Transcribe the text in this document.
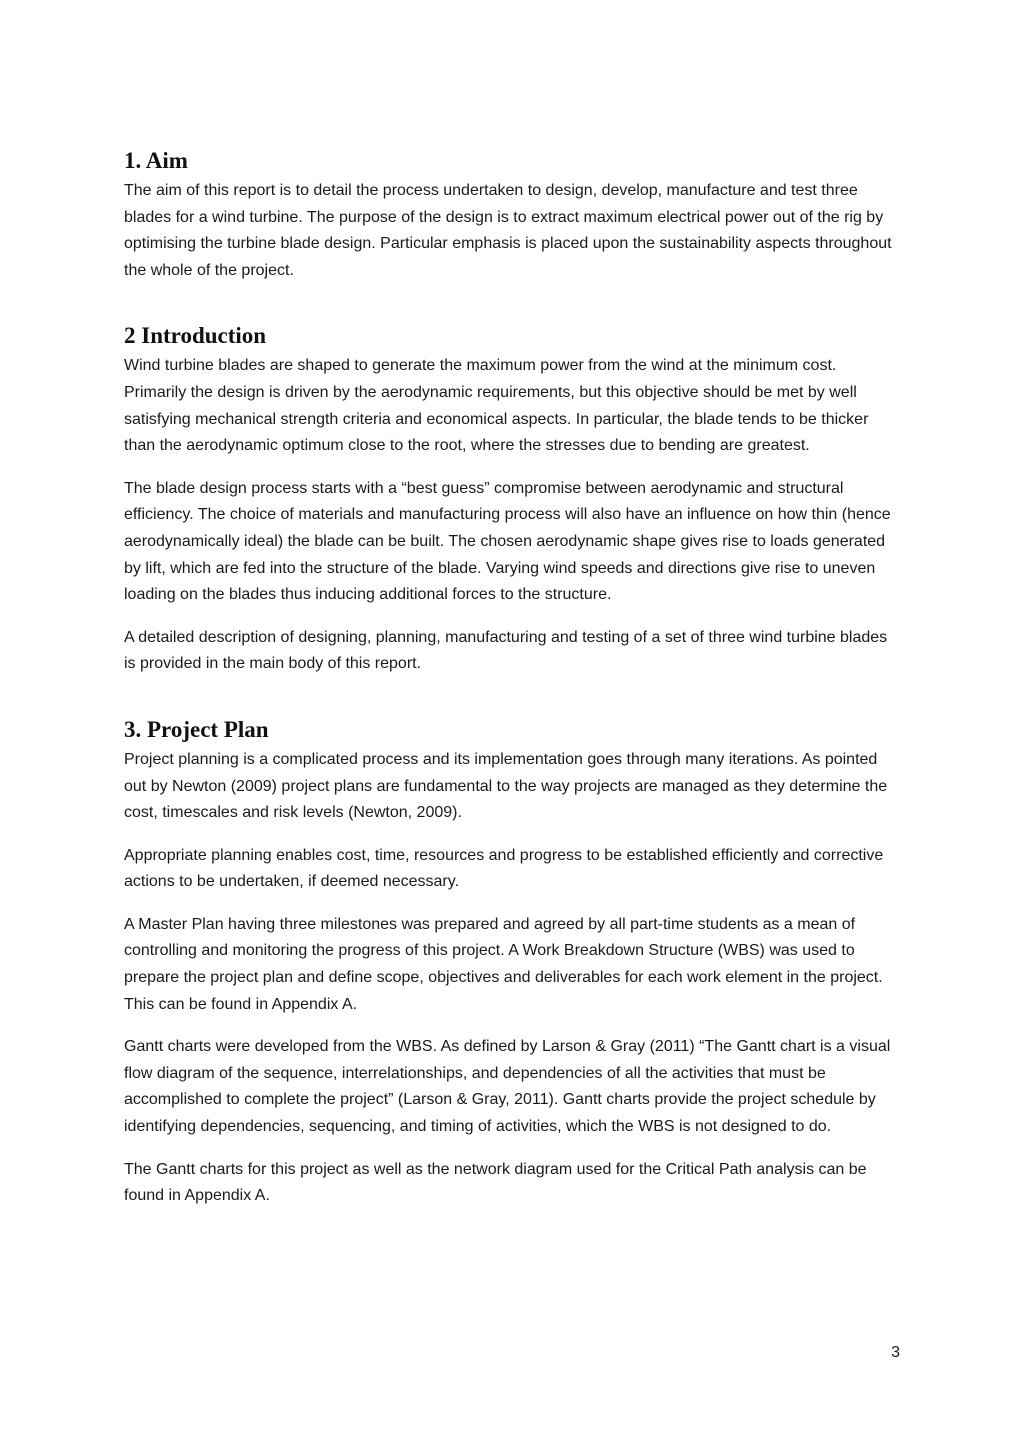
1. Aim

The aim of this report is to detail the process undertaken to design, develop, manufacture and test three blades for a wind turbine. The purpose of the design is to extract maximum electrical power out of the rig by optimising the turbine blade design. Particular emphasis is placed upon the sustainability aspects throughout the whole of the project.

2 Introduction

Wind turbine blades are shaped to generate the maximum power from the wind at the minimum cost. Primarily the design is driven by the aerodynamic requirements, but this objective should be met by well satisfying mechanical strength criteria and economical aspects. In particular, the blade tends to be thicker than the aerodynamic optimum close to the root, where the stresses due to bending are greatest.

The blade design process starts with a “best guess” compromise between aerodynamic and structural efficiency. The choice of materials and manufacturing process will also have an influence on how thin (hence aerodynamically ideal) the blade can be built. The chosen aerodynamic shape gives rise to loads generated by lift, which are fed into the structure of the blade. Varying wind speeds and directions give rise to uneven loading on the blades thus inducing additional forces to the structure.

A detailed description of designing, planning, manufacturing and testing of a set of three wind turbine blades is provided in the main body of this report.

3. Project Plan

Project planning is a complicated process and its implementation goes through many iterations. As pointed out by Newton (2009) project plans are fundamental to the way projects are managed as they determine the cost, timescales and risk levels (Newton, 2009).

Appropriate planning enables cost, time, resources and progress to be established efficiently and corrective actions to be undertaken, if deemed necessary.

A Master Plan having three milestones was prepared and agreed by all part-time students as a mean of controlling and monitoring the progress of this project. A Work Breakdown Structure (WBS) was used to prepare the project plan and define scope, objectives and deliverables for each work element in the project. This can be found in Appendix A.

Gantt charts were developed from the WBS. As defined by Larson & Gray (2011) “The Gantt chart is a visual flow diagram of the sequence, interrelationships, and dependencies of all the activities that must be accomplished to complete the project” (Larson & Gray, 2011). Gantt charts provide the project schedule by identifying dependencies, sequencing, and timing of activities, which the WBS is not designed to do.

The Gantt charts for this project as well as the network diagram used for the Critical Path analysis can be found in Appendix A.

3
